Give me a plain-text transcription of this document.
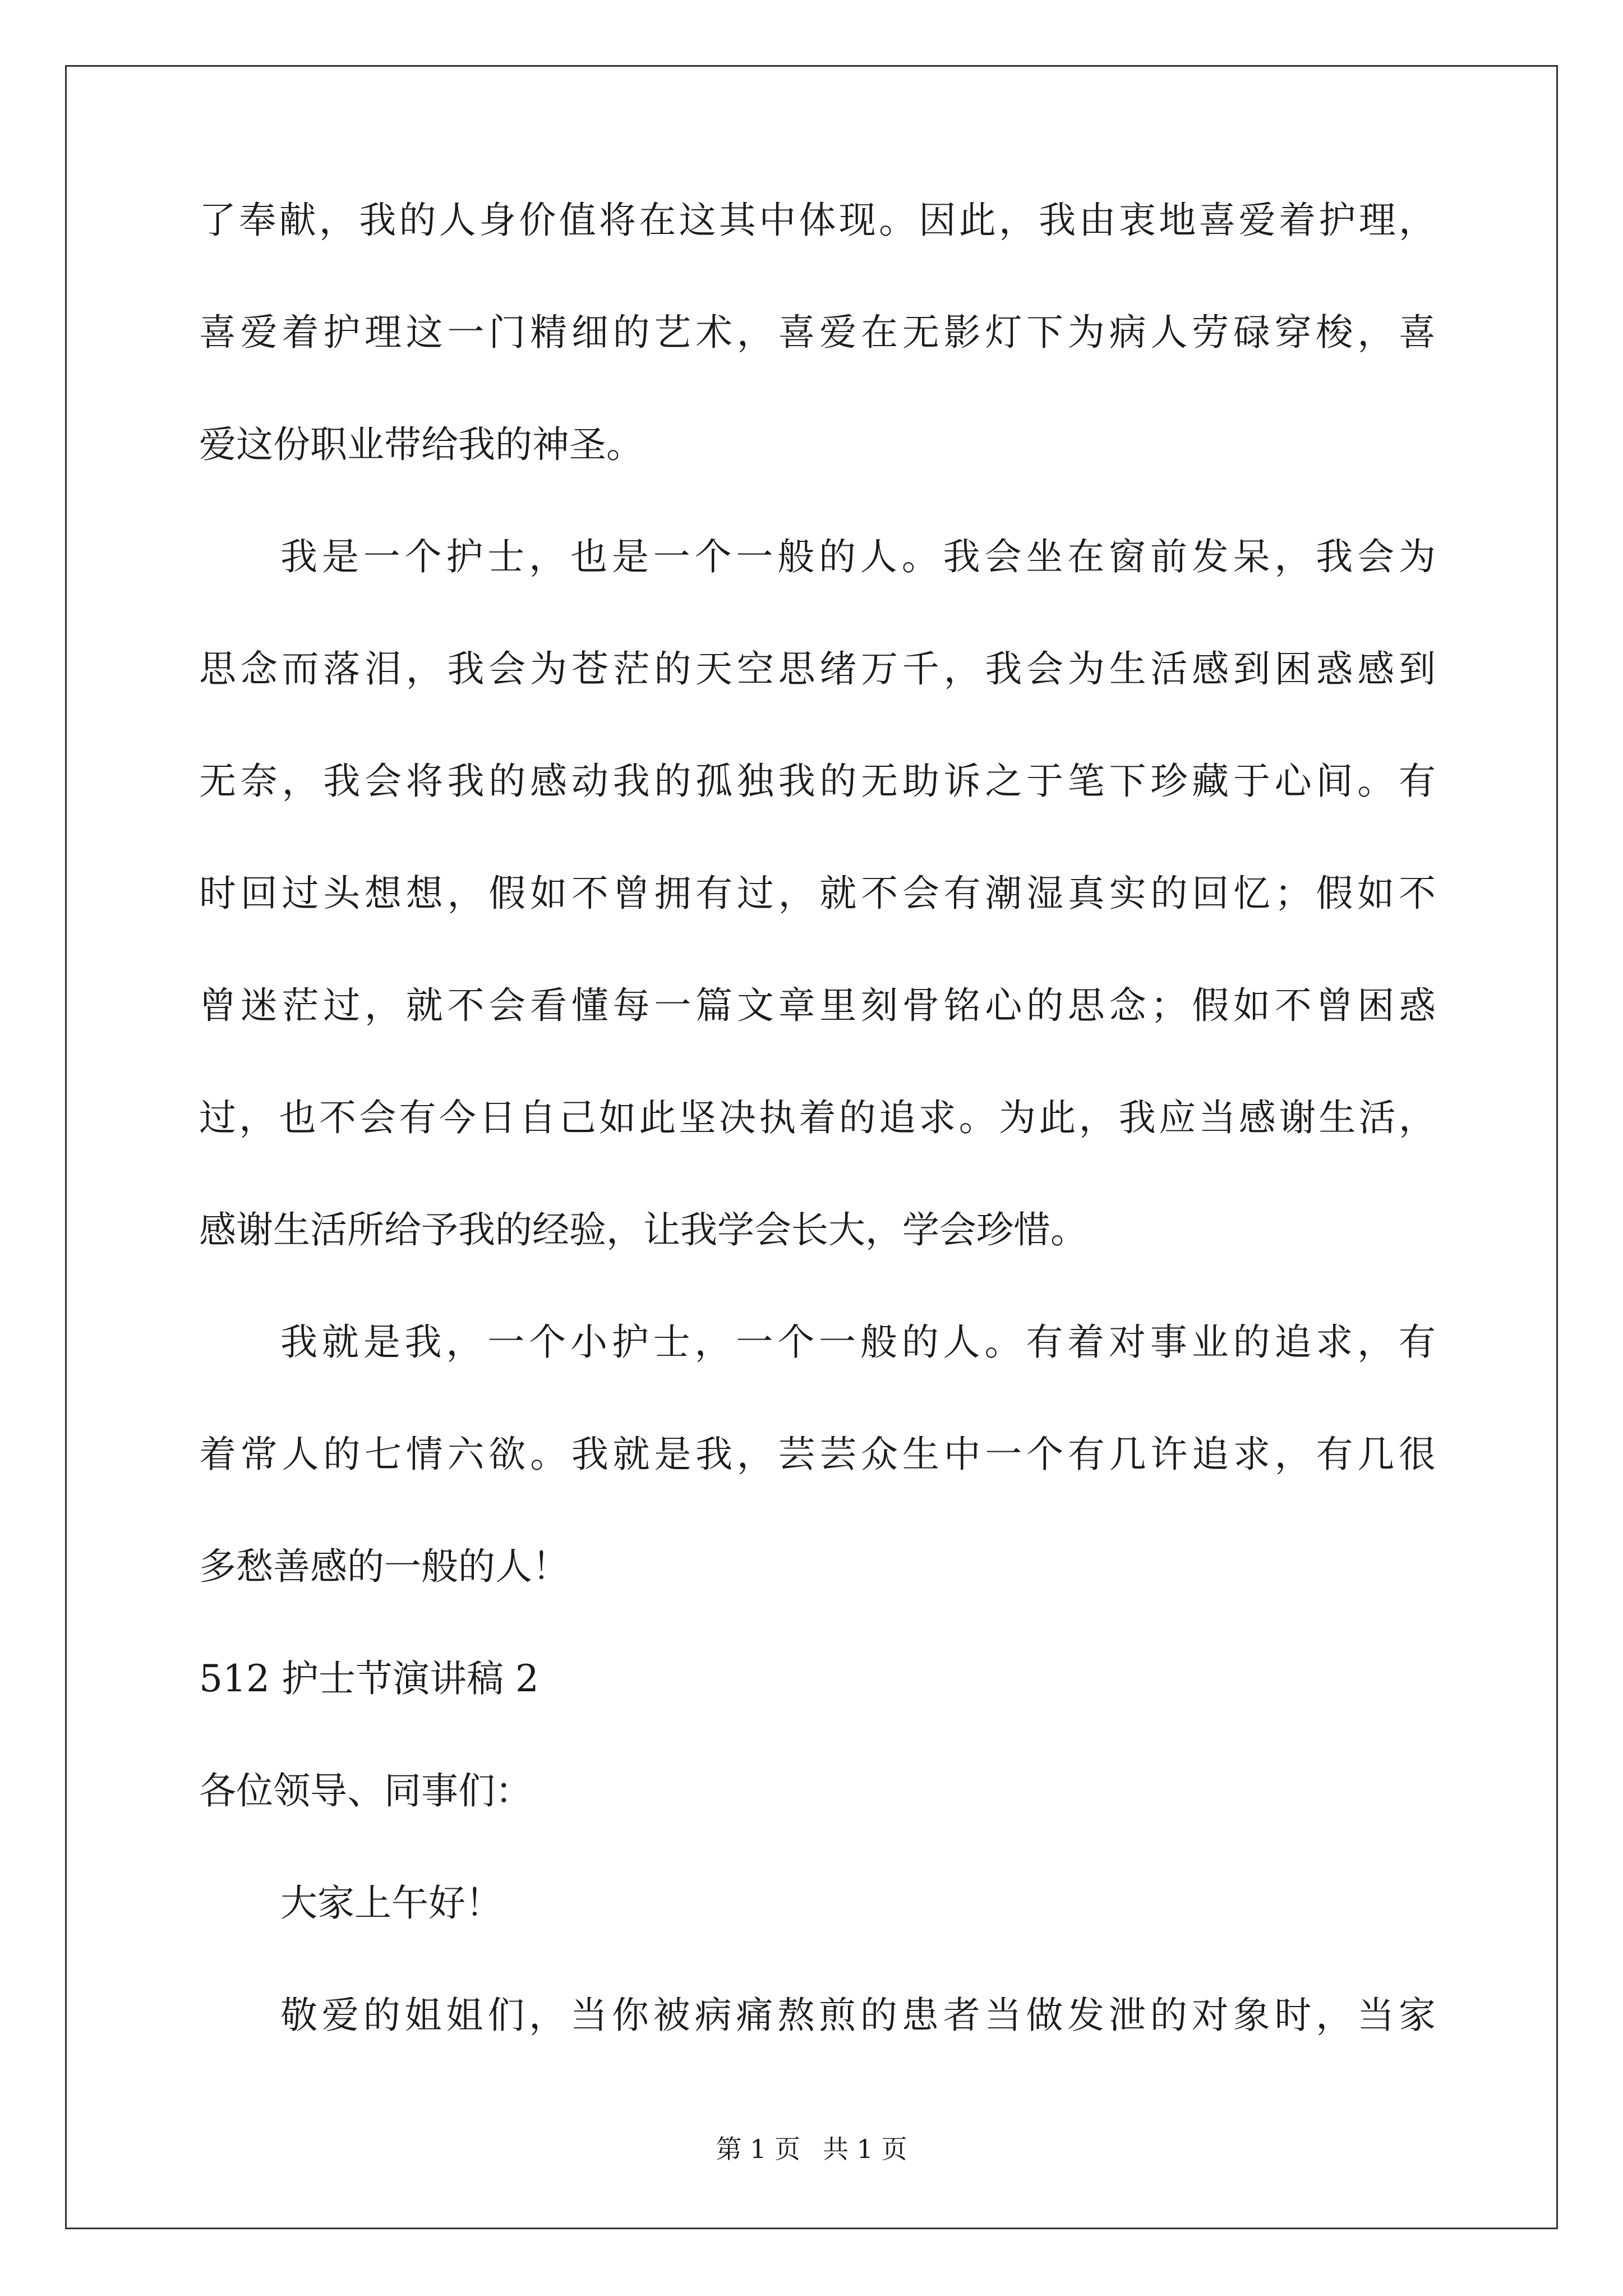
了奉献，我的人身价值将在这其中体现。因此，我由衷地喜爱着护理，
喜爱着护理这一门精细的艺术，喜爱在无影灯下为病人劳碌穿梭，喜
爱这份职业带给我的神圣。
我是一个护士，也是一个一般的人。我会坐在窗前发呆，我会为
思念而落泪，我会为苍茫的天空思绪万千，我会为生活感到困惑感到
无奈，我会将我的感动我的孤独我的无助诉之于笔下珍藏于心间。有
时回过头想想，假如不曾拥有过，就不会有潮湿真实的回忆；假如不
曾迷茫过，就不会看懂每一篇文章里刻骨铭心的思念；假如不曾困惑
过，也不会有今日自己如此坚决执着的追求。为此，我应当感谢生活，
感谢生活所给予我的经验，让我学会长大，学会珍惜。
我就是我，一个小护士，一个一般的人。有着对事业的追求，有
着常人的七情六欲。我就是我，芸芸众生中一个有几许追求，有几很
多愁善感的一般的人！
512 护士节演讲稿 2
各位领导、同事们：
大家上午好！
敬爱的姐姐们，当你被病痛熬煎的患者当做发泄的对象时，当家
第 1 页 共 1 页
